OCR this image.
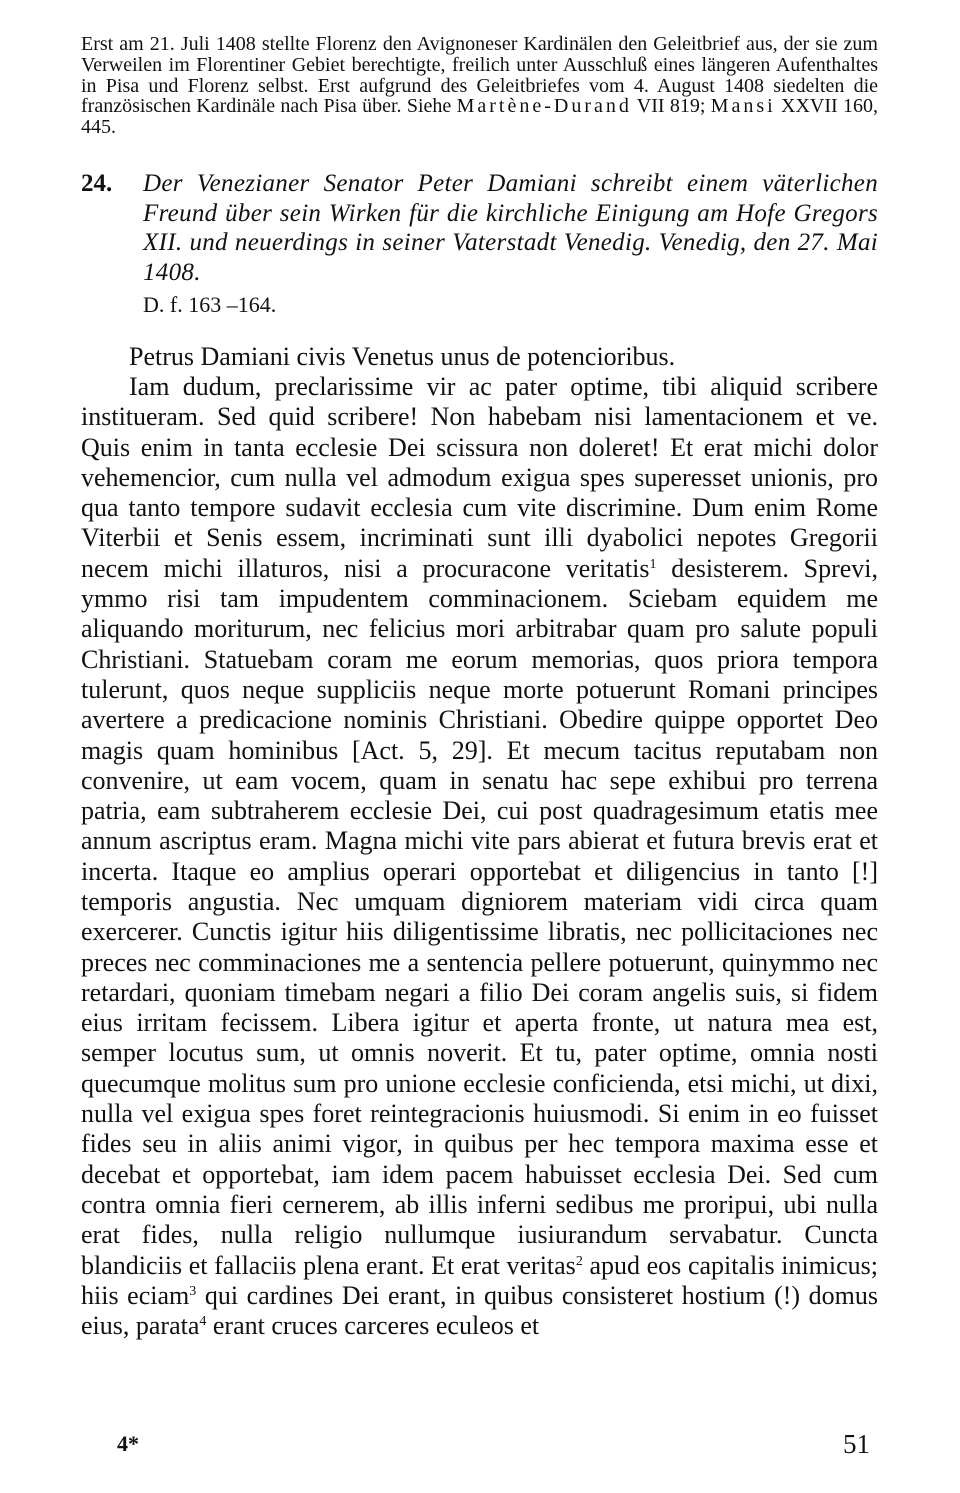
Erst am 21. Juli 1408 stellte Florenz den Avignoneser Kardinälen den Geleitbrief aus, der sie zum Verweilen im Florentiner Gebiet berechtigte, freilich unter Ausschluß eines längeren Aufenthaltes in Pisa und Florenz selbst. Erst aufgrund des Geleitbriefes vom 4. August 1408 siedelten die französischen Kardinäle nach Pisa über. Siehe Martène-Durand VII 819; Mansi XXVII 160, 445.

24. Der Venezianer Senator Peter Damiani schreibt einem väterlichen Freund über sein Wirken für die kirchliche Einigung am Hofe Gregors XII. und neuerdings in seiner Vaterstadt Venedig. Venedig, den 27. Mai 1408.
D. f. 163 –164.
Petrus Damiani civis Venetus unus de potencioribus.

Iam dudum, preclarissime vir ac pater optime, tibi aliquid scribere institueram. Sed quid scribere! Non habebam nisi lamentacionem et ve. Quis enim in tanta ecclesie Dei scissura non doleret! Et erat michi dolor vehemencior, cum nulla vel admodum exigua spes superesset unionis, pro qua tanto tempore sudavit ecclesia cum vite discrimine. Dum enim Rome Viterbii et Senis essem, incriminati sunt illi dyabolici nepotes Gregorii necem michi illaturos, nisi a procuracone veritatis$^1$ desisterem. Sprevi, ymmo risi tam impudentem comminacionem. Sciebam equidem me aliquando moriturum, nec felicius mori arbitrabar quam pro salute populi Christiani. Statuebam coram me eorum memorias, quos priora tempora tulerunt, quos neque suppliciis neque morte potuerunt Romani principes avertere a predicacione nominis Christiani. Obedire quippe opportet Deo magis quam hominibus [Act. 5, 29]. Et mecum tacitus reputabam non convenire, ut eam vocem, quam in senatu hac sepe exhibui pro terrena patria, eam subtraherem ecclesie Dei, cui post quadragesimum etatis mee annum ascriptus eram. Magna michi vite pars abierat et futura brevis erat et incerta. Itaque eo amplius operari opportebat et diligencius in tanto [!] temporis angustia. Nec umquam digniorem materiam vidi circa quam exercerer. Cunctis igitur hiis diligentissime libratis, nec pollicitaciones nec preces nec comminaciones me a sentencia pellere potuerunt, quinymmo nec retardari, quoniam timebam negari a filio Dei coram angelis suis, si fidem eius irritam fecissem. Libera igitur et aperta fronte, ut natura mea est, semper locutus sum, ut omnis noverit. Et tu, pater optime, omnia nosti quecumque molitus sum pro unione ecclesie conficienda, etsi michi, ut dixi, nulla vel exigua spes foret reintegracionis huiusmodi. Si enim in eo fuisset fides seu in aliis animi vigor, in quibus per hec tempora maxima esse et decebat et opportebat, iam idem pacem habuisset ecclesia Dei. Sed cum contra omnia fieri cernerem, ab illis inferni sedibus me proripui, ubi nulla erat fides, nulla religio nullumque iusiurandum servabatur. Cuncta blandiciis et fallaciis plena erant. Et erat veritas$^2$ apud eos capitalis inimicus; hiis eciam$^3$ qui cardines Dei erant, in quibus consisteret hostium (!) domus eius, parata$^4$ erant cruces carceres eculeos et

4*	51
